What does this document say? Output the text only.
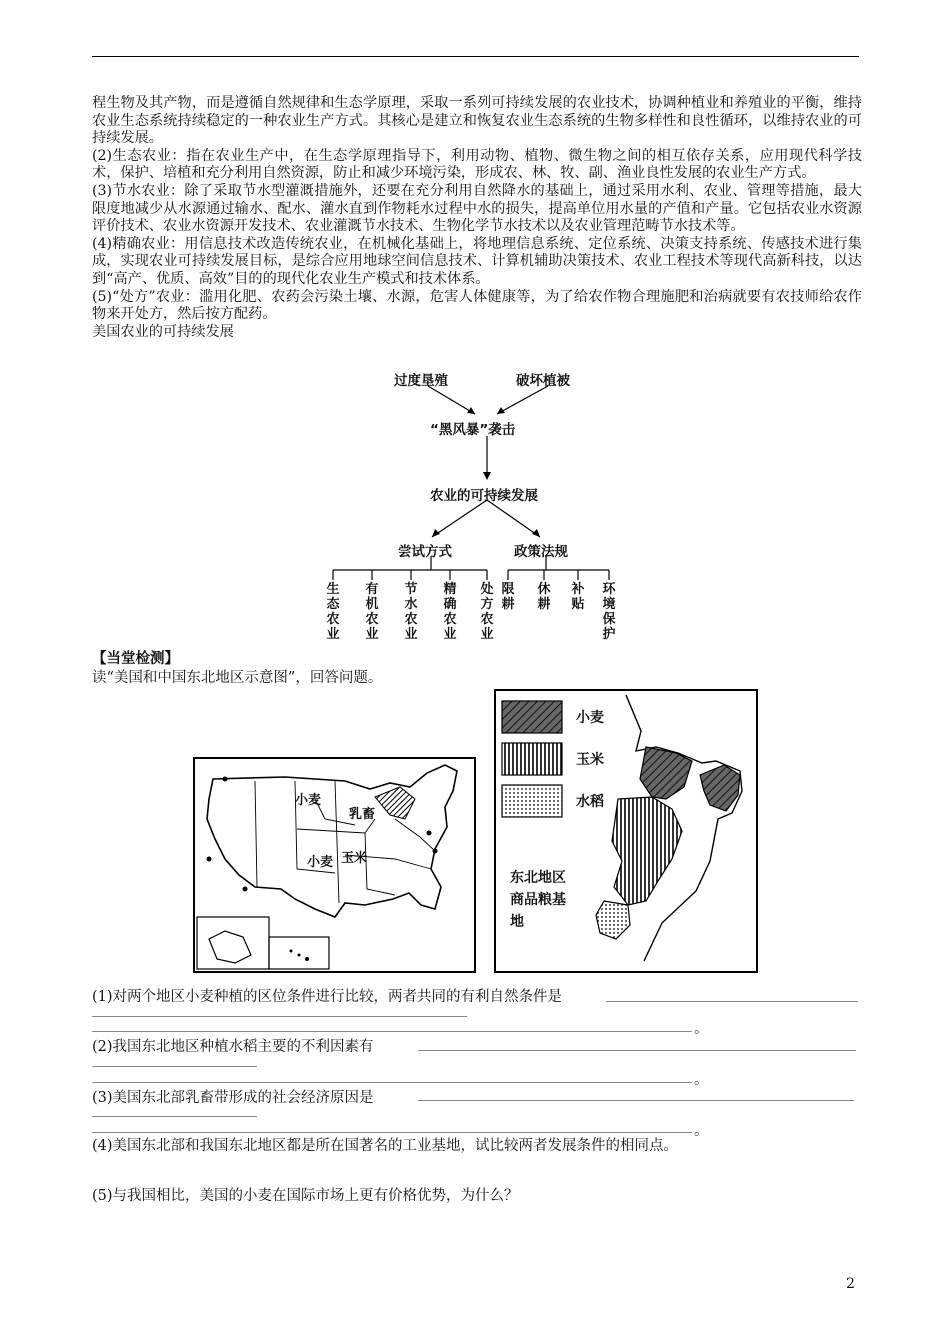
程生物及其产物，而是遵循自然规律和生态学原理，采取一系列可持续发展的农业技术，协调种植业和养殖业的平衡，维持农业生态系统持续稳定的一种农业生产方式。其核心是建立和恢复农业生态系统的生物多样性和良性循环，以维持农业的可持续发展。

(2)生态农业：指在农业生产中，在生态学原理指导下，利用动物、植物、微生物之间的相互依存关系，应用现代科学技术，保护、培植和充分利用自然资源，防止和减少环境污染，形成农、林、牧、副、渔业良性发展的农业生产方式。

(3)节水农业：除了采取节水型灌溉措施外，还要在充分利用自然降水的基础上，通过采用水利、农业、管理等措施，最大限度地减少从水源通过输水、配水、灌水直到作物耗水过程中水的损失，提高单位用水量的产值和产量。它包括农业水资源评价技术、农业水资源开发技术、农业灌溉节水技术、生物化学节水技术以及农业管理范畴节水技术等。

(4)精确农业：用信息技术改造传统农业，在机械化基础上，将地理信息系统、定位系统、决策支持系统、传感技术进行集成，实现农业可持续发展目标，是综合应用地球空间信息技术、计算机辅助决策技术、农业工程技术等现代高新科技，以达到“高产、优质、高效”目的的现代化农业生产模式和技术体系。

(5)“处方”农业：滥用化肥、农药会污染土壤、水源，危害人体健康等，为了给农作物合理施肥和治病就要有农技师给农作物来开处方，然后按方配药。

美国农业的可持续发展

过度垦殖	破坏植被
“黑风暴”袭击
农业的可持续发展
尝试方式	政策法规
生态农业
有机农业
节水农业
精确农业
处方农业
限耕
休耕
补贴
环境保护
【当堂检测】
读“美国和中国东北地区示意图”，回答问题。
小麦
乳畜
小麦 玉米
小麦
玉米
水稻
东北地区商品粮基地
(1)对两个地区小麦种植的区位条件进行比较，两者共同的有利自然条件是
。
(2)我国东北地区种植水稻主要的不利因素有
。
(3)美国东北部乳畜带形成的社会经济原因是
。
(4)美国东北部和我国东北地区都是所在国著名的工业基地，试比较两者发展条件的相同点。
(5)与我国相比，美国的小麦在国际市场上更有价格优势，为什么？
2
